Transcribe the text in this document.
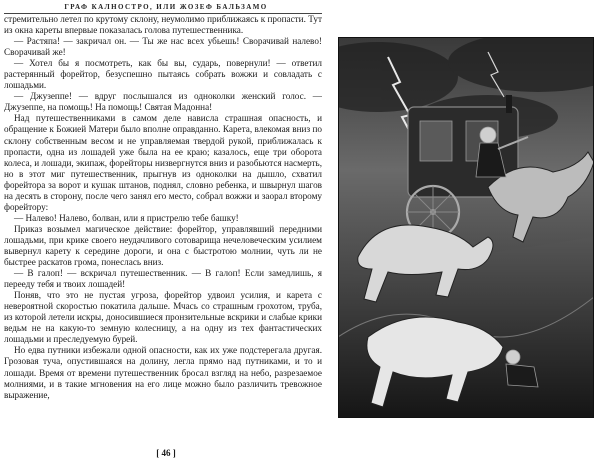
ГРАФ КАЛНОСТРО, ИЛИ ЖОЗЕФ БАЛЬЗАМО

стремительно летел по крутому склону, неумолимо приближаясь к пропасти. Тут из окна кареты впервые показалась голова путешественника.

— Растяпа! — закричал он. — Ты же нас всех убьешь! Сворачивай налево! Сворачивай же!

— Хотел бы я посмотреть, как бы вы, сударь, повернули! — ответил растерянный форейтор, безуспешно пытаясь собрать вожжи и совладать с лошадьми.

— Джузеппе! — вдруг послышался из одноколки женский голос. — Джузеппе, на помощь! На помощь! Святая Мадонна!

Над путешественниками в самом деле нависла страшная опасность, и обращение к Божией Матери было вполне оправданно. Карета, влекомая вниз по склону собственным весом и не управляемая твердой рукой, приближалась к пропасти, одна из лошадей уже была на ее краю; казалось, еще три оборота колеса, и лошади, экипаж, форейторы низвергнутся вниз и разобьются насмерть, но в этот миг путешественник, прыгнув из одноколки на дышло, схватил форейтора за ворот и кушак штанов, поднял, словно ребенка, и швырнул шагов на десять в сторону, после чего занял его место, собрал вожжи и заорал второму форейтору:

— Налево! Налево, болван, или я пристрелю тебе башку!

Приказ возымел магическое действие: форейтор, управлявший передними лошадьми, при крике своего неудачливого сотоварища нечеловеческим усилием вывернул карету к середине дороги, и она с быстротою молнии, чуть ли не быстрее раскатов грома, понеслась вниз.

— В галоп! — вскричал путешественник. — В галоп! Если замедлишь, я перееду тебя и твоих лошадей!

Поняв, что это не пустая угроза, форейтор удвоил усилия, и карета с невероятной скоростью покатила дальше. Мчась со страшным грохотом, труба, из которой летели искры, доносившиеся пронзительные вскрики и слабые крики ведьм не на какую-то земную колесницу, а на одну из тех фантастических лошадьми и преследуемую бурей.

Но едва путники избежали одной опасности, как их уже подстерегала другая. Грозовая туча, опустившаяся на долину, легла прямо над путниками, и то и лошади. Время от времени путешественник бросал взгляд на небо, разрезаемое молниями, и в такие мгновения на его лице можно было различить тревожное выражение,

[ 46 ]
